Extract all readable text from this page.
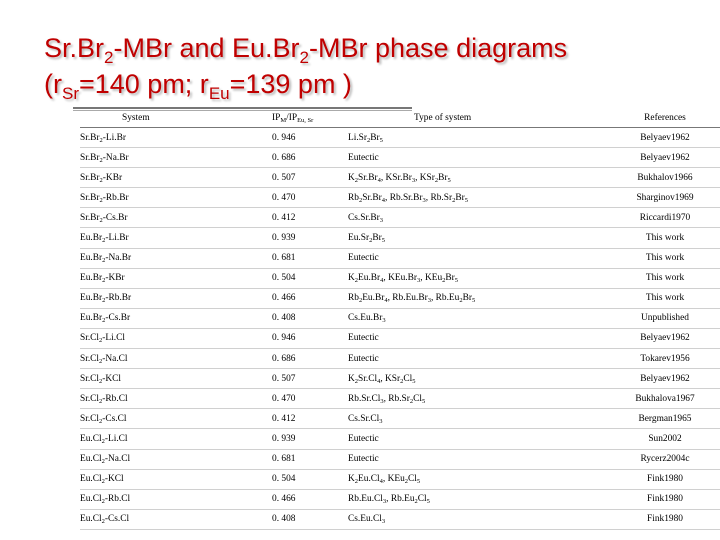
$Sr.Br_2$-MBr and $Eu.Br_2$-MBr phase diagrams
($r_{Sr}=140$ pm; $r_{Eu}=139$ pm )
System	$IP_M/IP_{Eu, Sr}$	Type of system	References
$Sr.Br_2-Li.Br$	0. 946	$Li.Sr_2Br_5$	Belyaev1962
$Sr.Br_2-Na.Br$	0. 686	Eutectic	Belyaev1962
$Sr.Br_2$-KBr	0. 507	$K_2Sr.Br_4$, $KSr.Br_3$, $KSr_2Br_5$	Bukhalov1966
$Sr.Br_2-Rb.Br$	0. 470	$Rb_2Sr.Br_4$, $Rb.Sr.Br_3$, $Rb.Sr_2Br_5$	Sharginov1969
$Sr.Br_2-Cs.Br$	0. 412	$Cs.Sr.Br_3$	Riccardi1970
$Eu.Br_2-Li.Br$	0. 939	$Eu.Sr_2Br_5$	This work
$Eu.Br_2-Na.Br$	0. 681	Eutectic	This work
$Eu.Br_2$-KBr	0. 504	$K_2Eu.Br_4$, $KEu.Br_3$, $KEu_2Br_5$	This work
$Eu.Br_2-Rb.Br$	0. 466	$Rb_2Eu.Br_4$, $Rb.Eu.Br_3$, $Rb.Eu_2Br_5$	This work
$Eu.Br_2-Cs.Br$	0. 408	$Cs.Eu.Br_3$	Unpublished
$Sr.Cl_2-Li.Cl$	0. 946	Eutectic	Belyaev1962
$Sr.Cl_2-Na.Cl$	0. 686	Eutectic	Tokarev1956
$Sr.Cl_2$-KCl	0. 507	$K_2Sr.Cl_4$, $KSr_2Cl_5$	Belyaev1962
$Sr.Cl_2-Rb.Cl$	0. 470	$Rb.Sr.Cl_3$, $Rb.Sr_2Cl_5$	Bukhalova1967
$Sr.Cl_2-Cs.Cl$	0. 412	$Cs.Sr.Cl_3$	Bergman1965
$Eu.Cl_2-Li.Cl$	0. 939	Eutectic	Sun2002
$Eu.Cl_2-Na.Cl$	0. 681	Eutectic	Rycerz2004c
$Eu.Cl_2$-KCl	0. 504	$K_2Eu.Cl_4$, $KEu_2Cl_5$	Fink1980
$Eu.Cl_2-Rb.Cl$	0. 466	$Rb.Eu.Cl_3$, $Rb.Eu_2Cl_5$	Fink1980
$Eu.Cl_2-Cs.Cl$	0. 408	$Cs.Eu.Cl_3$	Fink1980
